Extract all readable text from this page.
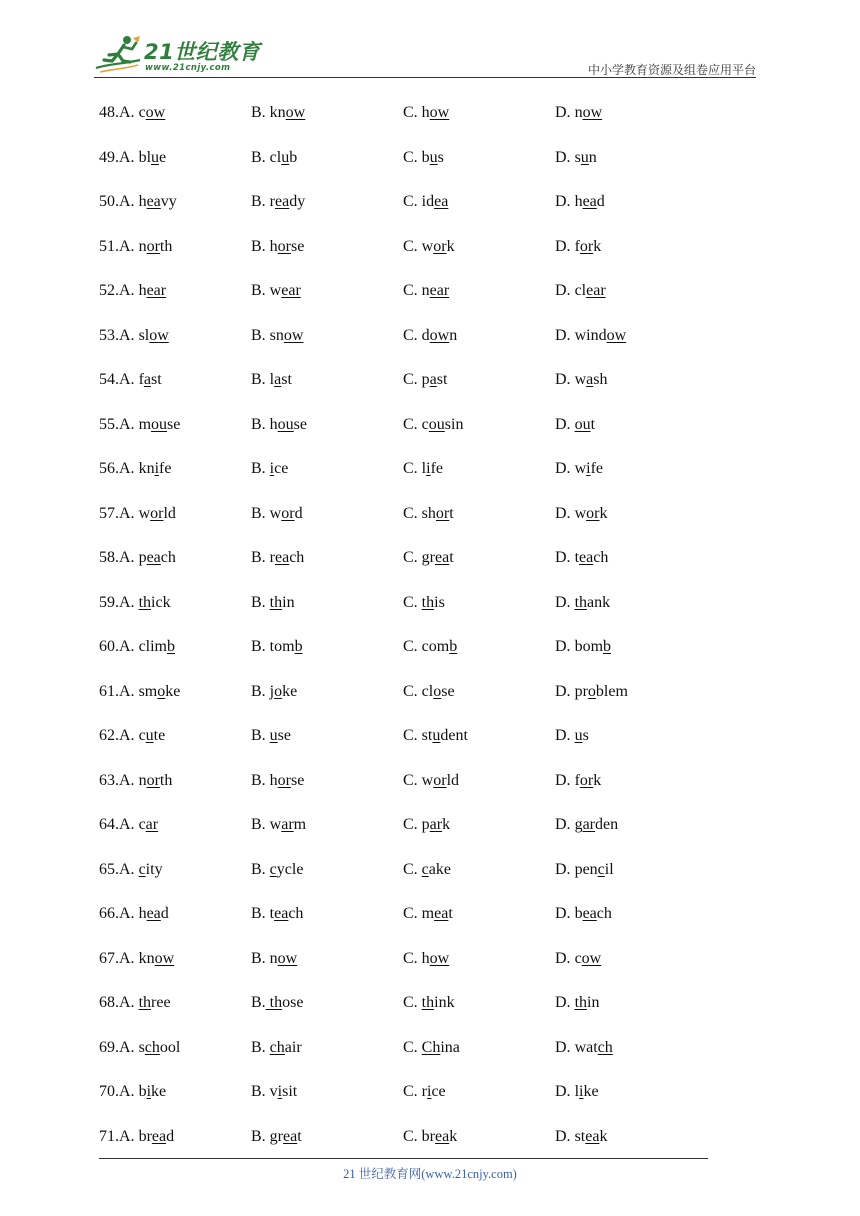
21世纪教育
www.21cnjy.com	中小学教育资源及组卷应用平台
48.A. cow	B. know	C. how	D. now
49.A. blue	B. club	C. bus	D. sun
50.A. heavy	B. ready	C. idea	D. head
51.A. north	B. horse	C. work	D. fork
52.A. hear	B. wear	C. near	D. clear
53.A. slow	B. snow	C. down	D. window
54.A. fast	B. last	C. past	D. wash
55.A. mouse	B. house	C. cousin	D. out
56.A. knife	B. ice	C. life	D. wife
57.A. world	B. word	C. short	D. work
58.A. peach	B. reach	C. great	D. teach
59.A. thick	B. thin	C. this	D. thank
60.A. climb	B. tomb	C. comb	D. bomb
61.A. smoke	B. joke	C. close	D. problem
62.A. cute	B. use	C. student	D. us
63.A. north	B. horse	C. world	D. fork
64.A. car	B. warm	C. park	D. garden
65.A. city	B. cycle	C. cake	D. pencil
66.A. head	B. teach	C. meat	D. beach
67.A. know	B. now	C. how	D. cow
68.A. three	B. those	C. think	D. thin
69.A. school	B. chair	C. China	D. watch
70.A. bike	B. visit	C. rice	D. like
71.A. bread	B. great	C. break	D. steak
21 世纪教育网(www.21cnjy.com)
